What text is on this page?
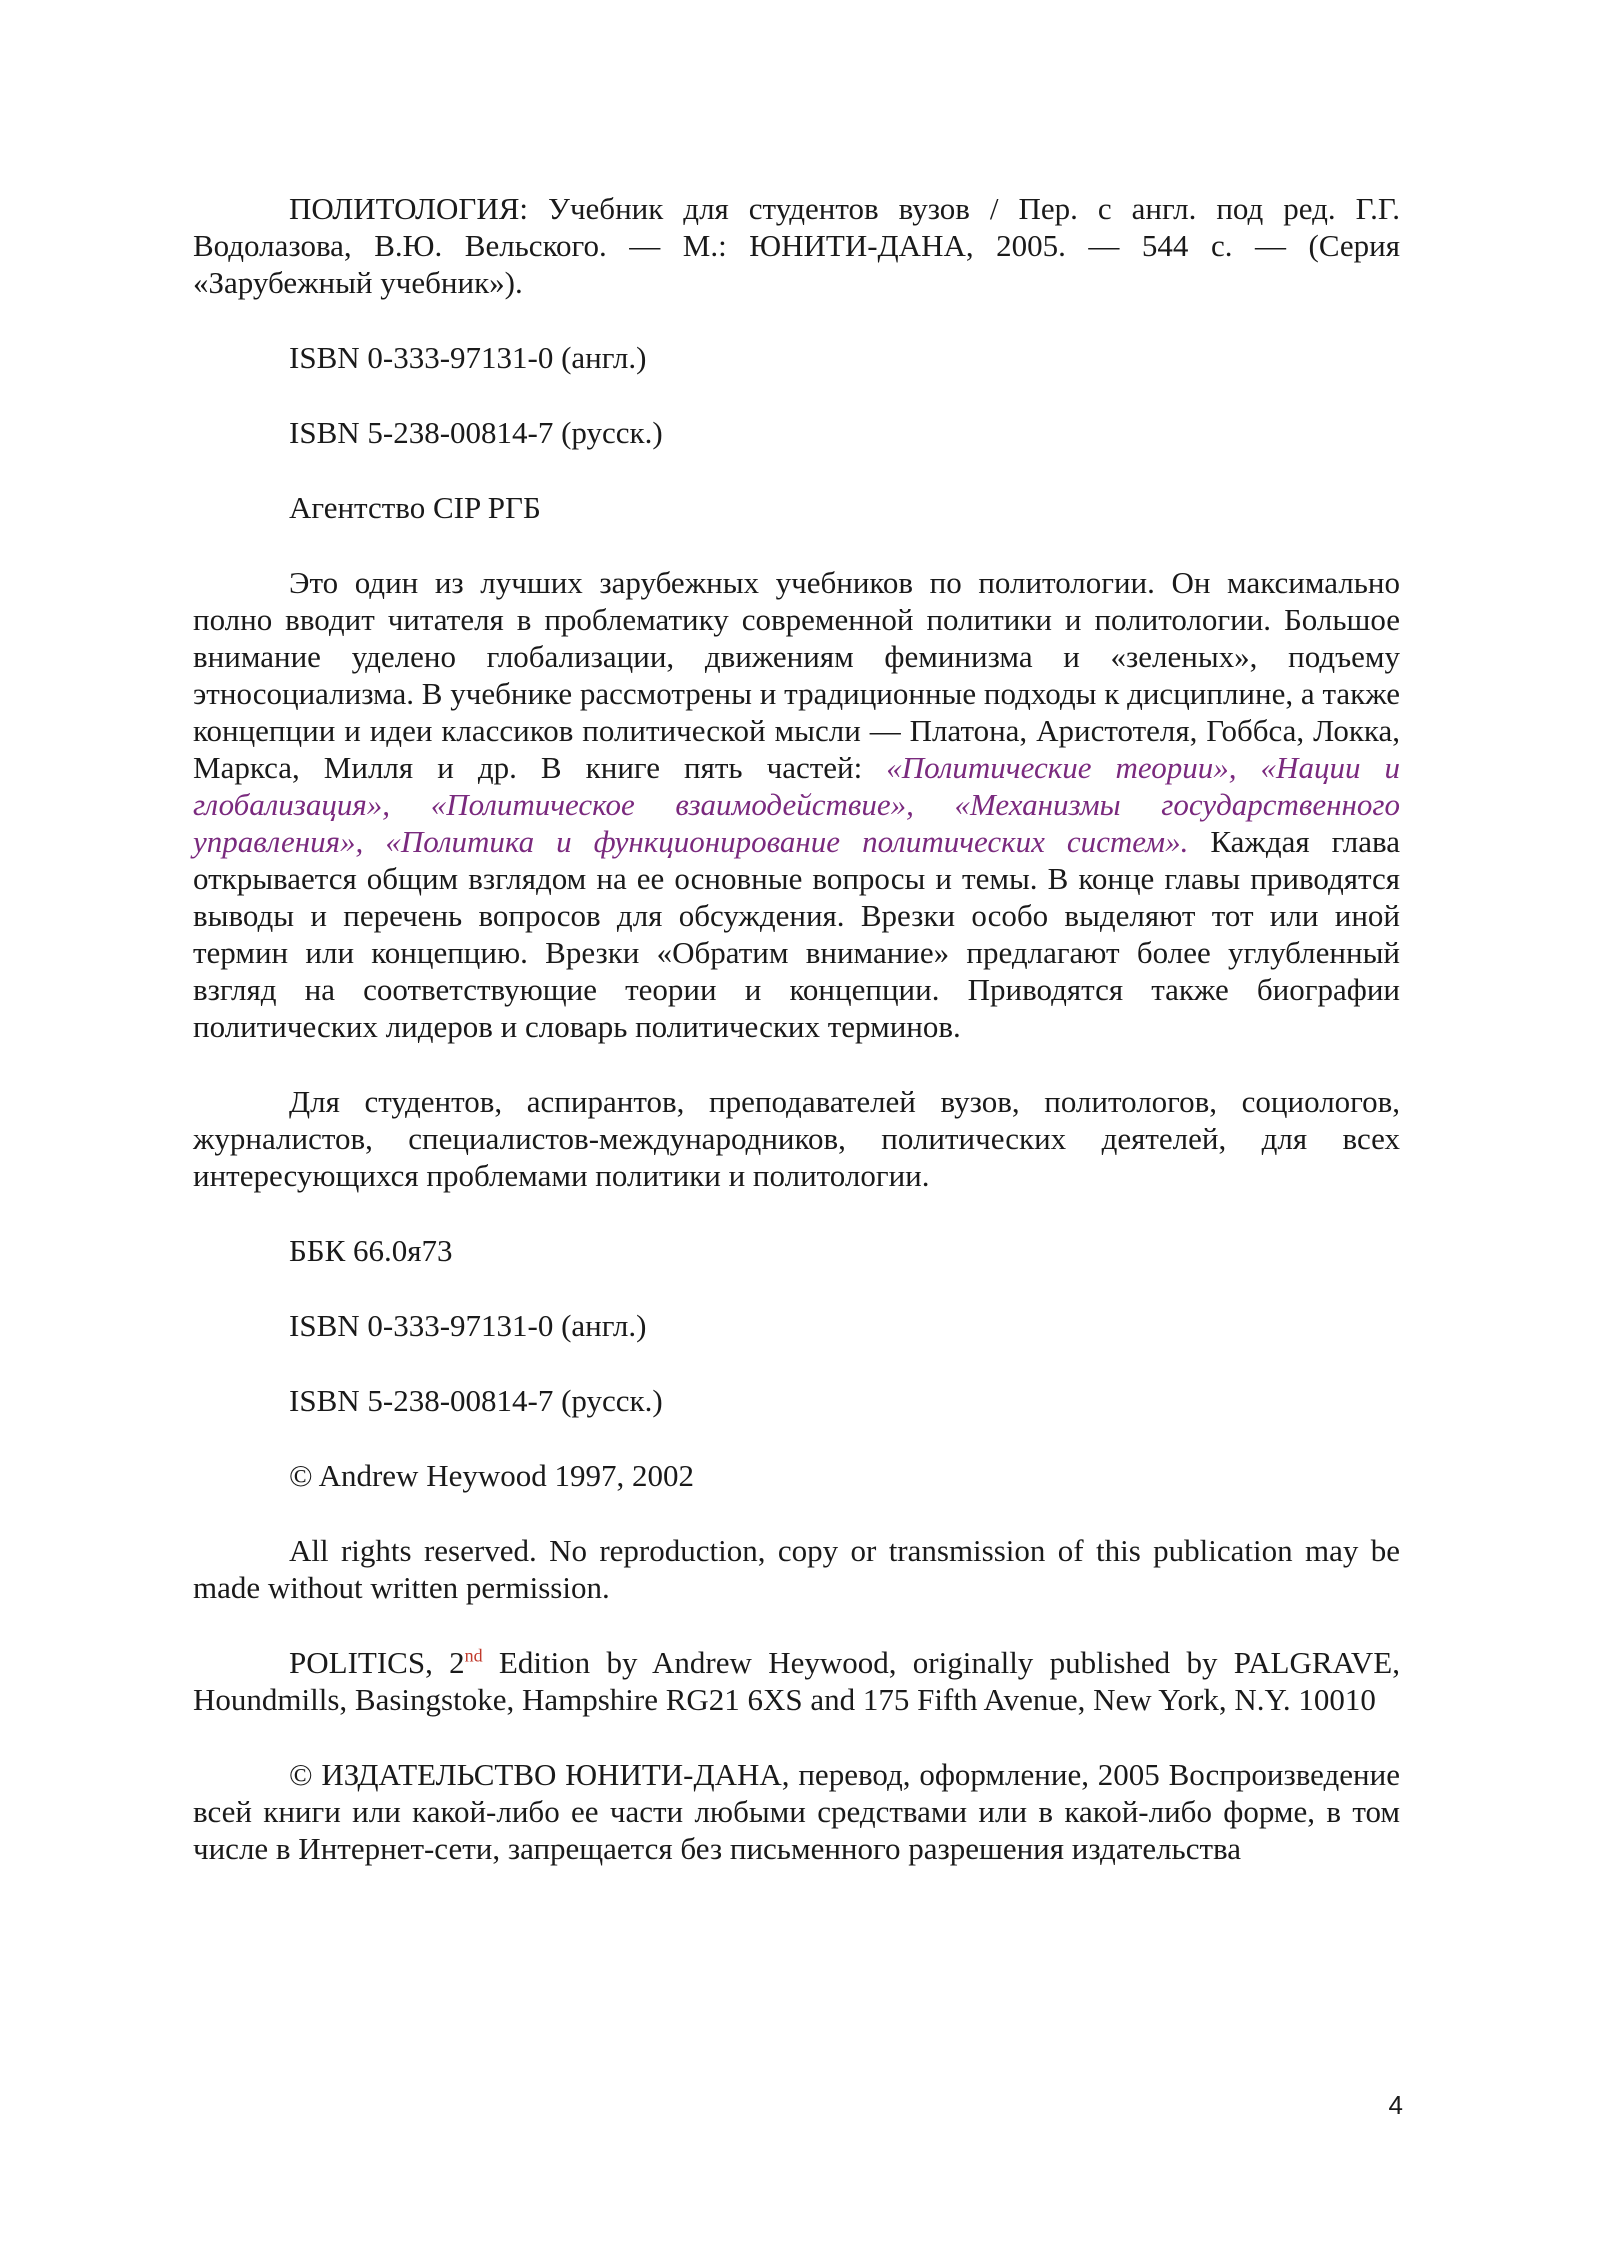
ПОЛИТОЛОГИЯ: Учебник для студентов вузов / Пер. с англ. под ред. Г.Г. Водолазова, В.Ю. Вельского. — М.: ЮНИТИ-ДАНА, 2005. — 544 с. — (Серия «Зарубежный учебник»).

ISBN 0-333-97131-0 (англ.)

ISBN 5-238-00814-7 (русск.)

Агентство CIP РГБ

Это один из лучших зарубежных учебников по политологии. Он максимально полно вводит читателя в проблематику современной политики и политологии. Большое внимание уделено глобализации, движениям феминизма и «зеленых», подъему этносоциализма. В учебнике рассмотрены и традиционные подходы к дисциплине, а также концепции и идеи классиков политической мысли — Платона, Аристотеля, Гоббса, Локка, Маркса, Милля и др. В книге пять частей: «Политические теории», «Нации и глобализация», «Политическое взаимодействие», «Механизмы государственного управления», «Политика и функционирование политических систем». Каждая глава открывается общим взглядом на ее основные вопросы и темы. В конце главы приводятся выводы и перечень вопросов для обсуждения. Врезки особо выделяют тот или иной термин или концепцию. Врезки «Обратим внимание» предлагают более углубленный взгляд на соответствующие теории и концепции. Приводятся также биографии политических лидеров и словарь политических терминов.

Для студентов, аспирантов, преподавателей вузов, политологов, социологов, журналистов, специалистов-международников, политических деятелей, для всех интересующихся проблемами политики и политологии.

ББК 66.0я73

ISBN 0-333-97131-0 (англ.)

ISBN 5-238-00814-7 (русск.)

© Andrew Heywood 1997, 2002

All rights reserved. No reproduction, copy or transmission of this publication may be made without written permission.

POLITICS, 2nd Edition by Andrew Heywood, originally published by PALGRAVE, Houndmills, Basingstoke, Hampshire RG21 6XS and 175 Fifth Avenue, New York, N.Y. 10010

© ИЗДАТЕЛЬСТВО ЮНИТИ-ДАНА, перевод, оформление, 2005 Воспроизведение всей книги или какой-либо ее части любыми средствами или в какой-либо форме, в том числе в Интернет-сети, запрещается без письменного разрешения издательства

4
